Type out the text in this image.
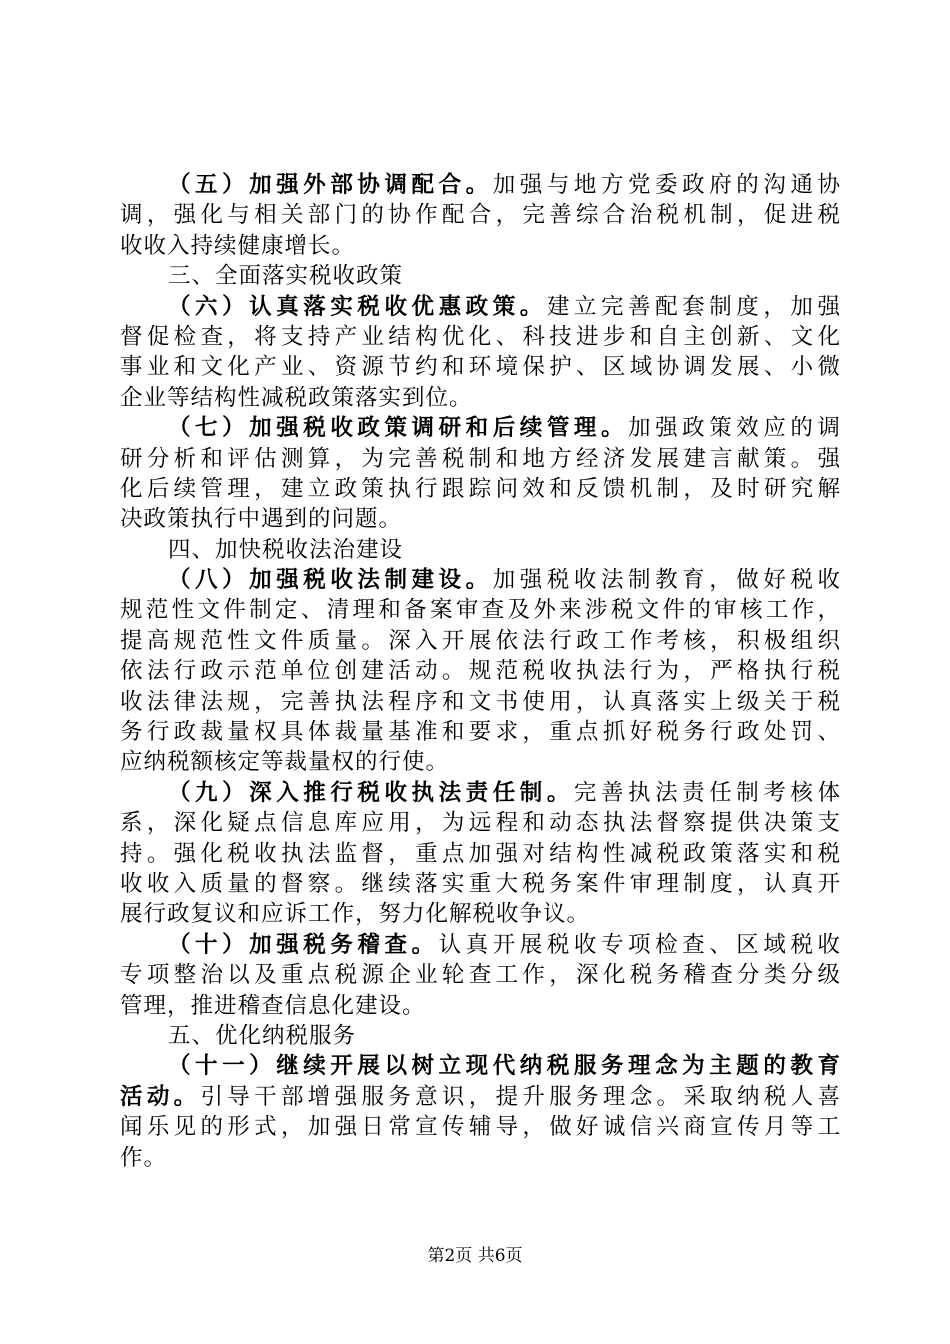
（五）加强外部协调配合。加强与地方党委政府的沟通协
调，强化与相关部门的协作配合，完善综合治税机制，促进税
收收入持续健康增长。
三、全面落实税收政策
（六）认真落实税收优惠政策。建立完善配套制度，加强
督促检查，将支持产业结构优化、科技进步和自主创新、文化
事业和文化产业、资源节约和环境保护、区域协调发展、小微
企业等结构性减税政策落实到位。
（七）加强税收政策调研和后续管理。加强政策效应的调
研分析和评估测算，为完善税制和地方经济发展建言献策。强
化后续管理，建立政策执行跟踪问效和反馈机制，及时研究解
决政策执行中遇到的问题。
四、加快税收法治建设
（八）加强税收法制建设。加强税收法制教育，做好税收
规范性文件制定、清理和备案审查及外来涉税文件的审核工作，
提高规范性文件质量。深入开展依法行政工作考核，积极组织
依法行政示范单位创建活动。规范税收执法行为，严格执行税
收法律法规，完善执法程序和文书使用，认真落实上级关于税
务行政裁量权具体裁量基准和要求，重点抓好税务行政处罚、
应纳税额核定等裁量权的行使。
（九）深入推行税收执法责任制。完善执法责任制考核体
系，深化疑点信息库应用，为远程和动态执法督察提供决策支
持。强化税收执法监督，重点加强对结构性减税政策落实和税
收收入质量的督察。继续落实重大税务案件审理制度，认真开
展行政复议和应诉工作，努力化解税收争议。
（十）加强税务稽查。认真开展税收专项检查、区域税收
专项整治以及重点税源企业轮查工作，深化税务稽查分类分级
管理，推进稽查信息化建设。
五、优化纳税服务
（十一）继续开展以树立现代纳税服务理念为主题的教育
活动。引导干部增强服务意识，提升服务理念。采取纳税人喜
闻乐见的形式，加强日常宣传辅导，做好诚信兴商宣传月等工
作。
第2页 共6页
